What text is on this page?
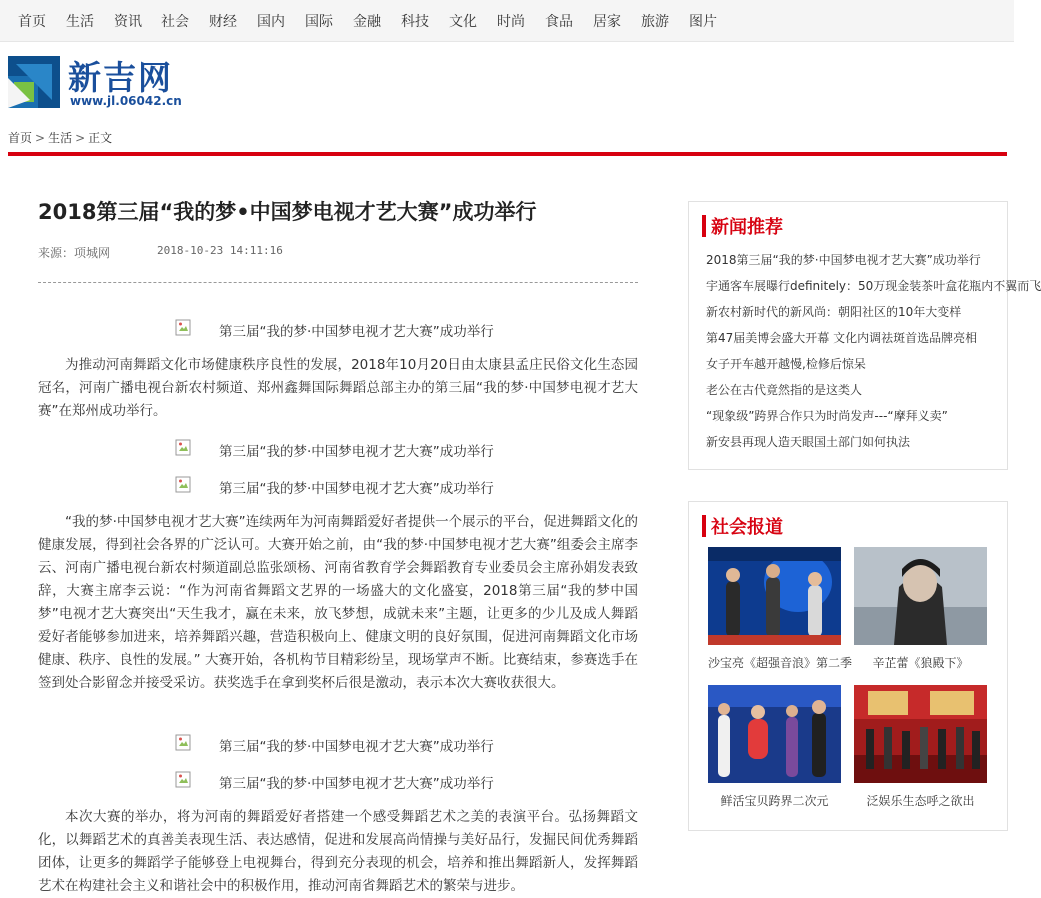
首页 生活 资讯 社会 财经 国内 国际 金融 科技 文化 时尚 食品 居家 旅游 图片
新吉网
www.jl.06042.cn
首页 > 生活 > 正文
2018第三届“我的梦•中国梦电视才艺大赛”成功举行
来源：项城网	2018-10-23 14:11:16
第三届“我的梦·中国梦电视才艺大赛”成功举行

为推动河南舞蹈文化市场健康秩序良性的发展，2018年10月20日由太康县孟庄民俗文化生态园冠名，河南广播电视台新农村频道、郑州鑫舞国际舞蹈总部主办的第三届“我的梦·中国梦电视才艺大赛”在郑州成功举行。

第三届“我的梦·中国梦电视才艺大赛”成功举行
第三届“我的梦·中国梦电视才艺大赛”成功举行

“我的梦·中国梦电视才艺大赛”连续两年为河南舞蹈爱好者提供一个展示的平台，促进舞蹈文化的健康发展，得到社会各界的广泛认可。大赛开始之前，由“我的梦·中国梦电视才艺大赛”组委会主席李云、河南广播电视台新农村频道副总监张颂杨、河南省教育学会舞蹈教育专业委员会主席孙娟发表致辞，大赛主席李云说：“作为河南省舞蹈文艺界的一场盛大的文化盛宴，2018第三届“我的梦中国梦”电视才艺大赛突出“天生我才，赢在未来，放飞梦想，成就未来”主题，让更多的少儿及成人舞蹈爱好者能够参加进来，培养舞蹈兴趣，营造积极向上、健康文明的良好氛围，促进河南舞蹈文化市场健康、秩序、良性的发展。” 大赛开始，各机构节目精彩纷呈，现场掌声不断。比赛结束，参赛选手在签到处合影留念并接受采访。获奖选手在拿到奖杯后很是激动，表示本次大赛收获很大。

第三届“我的梦·中国梦电视才艺大赛”成功举行
第三届“我的梦·中国梦电视才艺大赛”成功举行

本次大赛的举办，将为河南的舞蹈爱好者搭建一个感受舞蹈艺术之美的表演平台。弘扬舞蹈文化，以舞蹈艺术的真善美表现生活、表达感情，促进和发展高尚情操与美好品行，发掘民间优秀舞蹈团体，让更多的舞蹈学子能够登上电视舞台，得到充分表现的机会，培养和推出舞蹈新人，发挥舞蹈艺术在构建社会主义和谐社会中的积极作用，推动河南省舞蹈艺术的繁荣与进步。

新闻推荐
2018第三届“我的梦·中国梦电视才艺大赛”成功举行
宇通客车展曝行definitely：50万现金装茶叶盒花瓶内不翼而飞
新农村新时代的新风尚：朝阳社区的10年大变样
第47届美博会盛大开幕 文化内调祛斑首选品牌亮相
女子开车越开越慢,检修后惊呆
老公在古代竟然指的是这类人
“现象级”跨界合作只为时尚发声---“摩拜义卖”
新安县再现人造天眼国土部门如何执法
社会报道
沙宝亮《超强音浪》第二季	辛芷蕾《狼殿下》
鲜活宝贝跨界二次元	泛娱乐生态呼之欲出
